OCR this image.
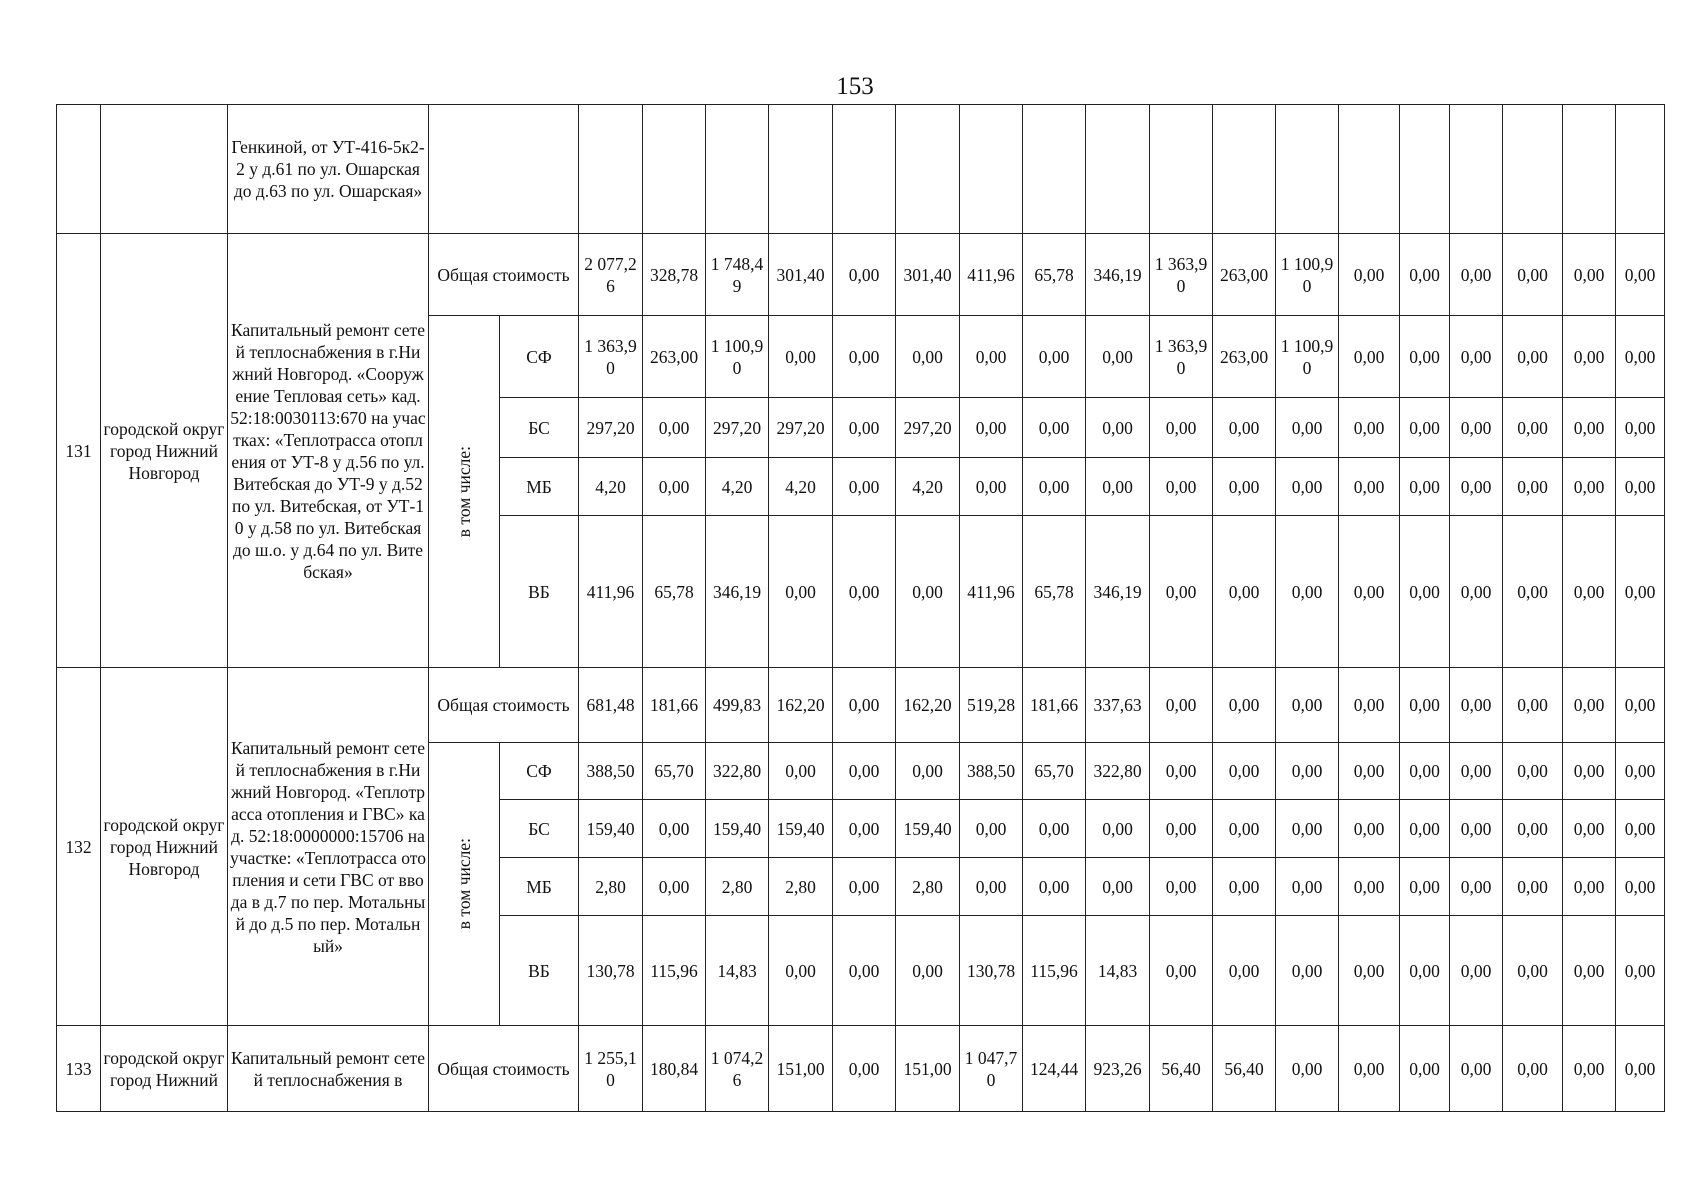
153
		Генкиной, от УТ-416-5к2-2 у д.61 по ул. Ошарская до д.63 по ул. Ошарская»																				
131	городской округ город Нижний Новгород	Капитальный ремонт сетей теплоснабжения в г.Нижний Новгород. «Сооружение Тепловая сеть» кад. 52:18:0030113:670 на участках: «Теплотрасса отопления от УТ-8 у д.56 по ул. Витебская до УТ-9 у д.52 по ул. Витебская, от УТ-10 у д.58 по ул. Витебская до ш.о. у д.64 по ул. Витебская»	Общая стоимость		2 077,26	328,78	1 748,49	301,40	0,00	301,40	411,96	65,78	346,19	1 363,90	263,00	1 100,90	0,00	0,00	0,00	0,00	0,00	0,00

			в том числе:	СФ	1 363,90	263,00	1 100,90	0,00	0,00	0,00	0,00	0,00	0,00	1 363,90	263,00	1 100,90	0,00	0,00	0,00	0,00	0,00	0,00
				БС	297,20	0,00	297,20	297,20	0,00	297,20	0,00	0,00	0,00	0,00	0,00	0,00	0,00	0,00	0,00	0,00	0,00	0,00
				МБ	4,20	0,00	4,20	4,20	0,00	4,20	0,00	0,00	0,00	0,00	0,00	0,00	0,00	0,00	0,00	0,00	0,00	0,00
				ВБ	411,96	65,78	346,19	0,00	0,00	0,00	411,96	65,78	346,19	0,00	0,00	0,00	0,00	0,00	0,00	0,00	0,00	0,00
132	городской округ город Нижний Новгород	Капитальный ремонт сетей теплоснабжения в г.Нижний Новгород. «Теплотрасса отопления и ГВС» кад. 52:18:0000000:15706 на участке: «Теплотрасса отопления и сети ГВС от ввода в д.7 по пер. Мотальный до д.5 по пер. Мотальный»	Общая стоимость		681,48	181,66	499,83	162,20	0,00	162,20	519,28	181,66	337,63	0,00	0,00	0,00	0,00	0,00	0,00	0,00	0,00	0,00

			в том числе:	СФ	388,50	65,70	322,80	0,00	0,00	0,00	388,50	65,70	322,80	0,00	0,00	0,00	0,00	0,00	0,00	0,00	0,00	0,00
				БС	159,40	0,00	159,40	159,40	0,00	159,40	0,00	0,00	0,00	0,00	0,00	0,00	0,00	0,00	0,00	0,00	0,00	0,00
				МБ	2,80	0,00	2,80	2,80	0,00	2,80	0,00	0,00	0,00	0,00	0,00	0,00	0,00	0,00	0,00	0,00	0,00	0,00
				ВБ	130,78	115,96	14,83	0,00	0,00	0,00	130,78	115,96	14,83	0,00	0,00	0,00	0,00	0,00	0,00	0,00	0,00	0,00
133	городской округ город Нижний	Капитальный ремонт сетей теплоснабжения в	Общая стоимость		1 255,10	180,84	1 074,26	151,00	0,00	151,00	1 047,70	124,44	923,26	56,40	56,40	0,00	0,00	0,00	0,00	0,00	0,00	0,00
